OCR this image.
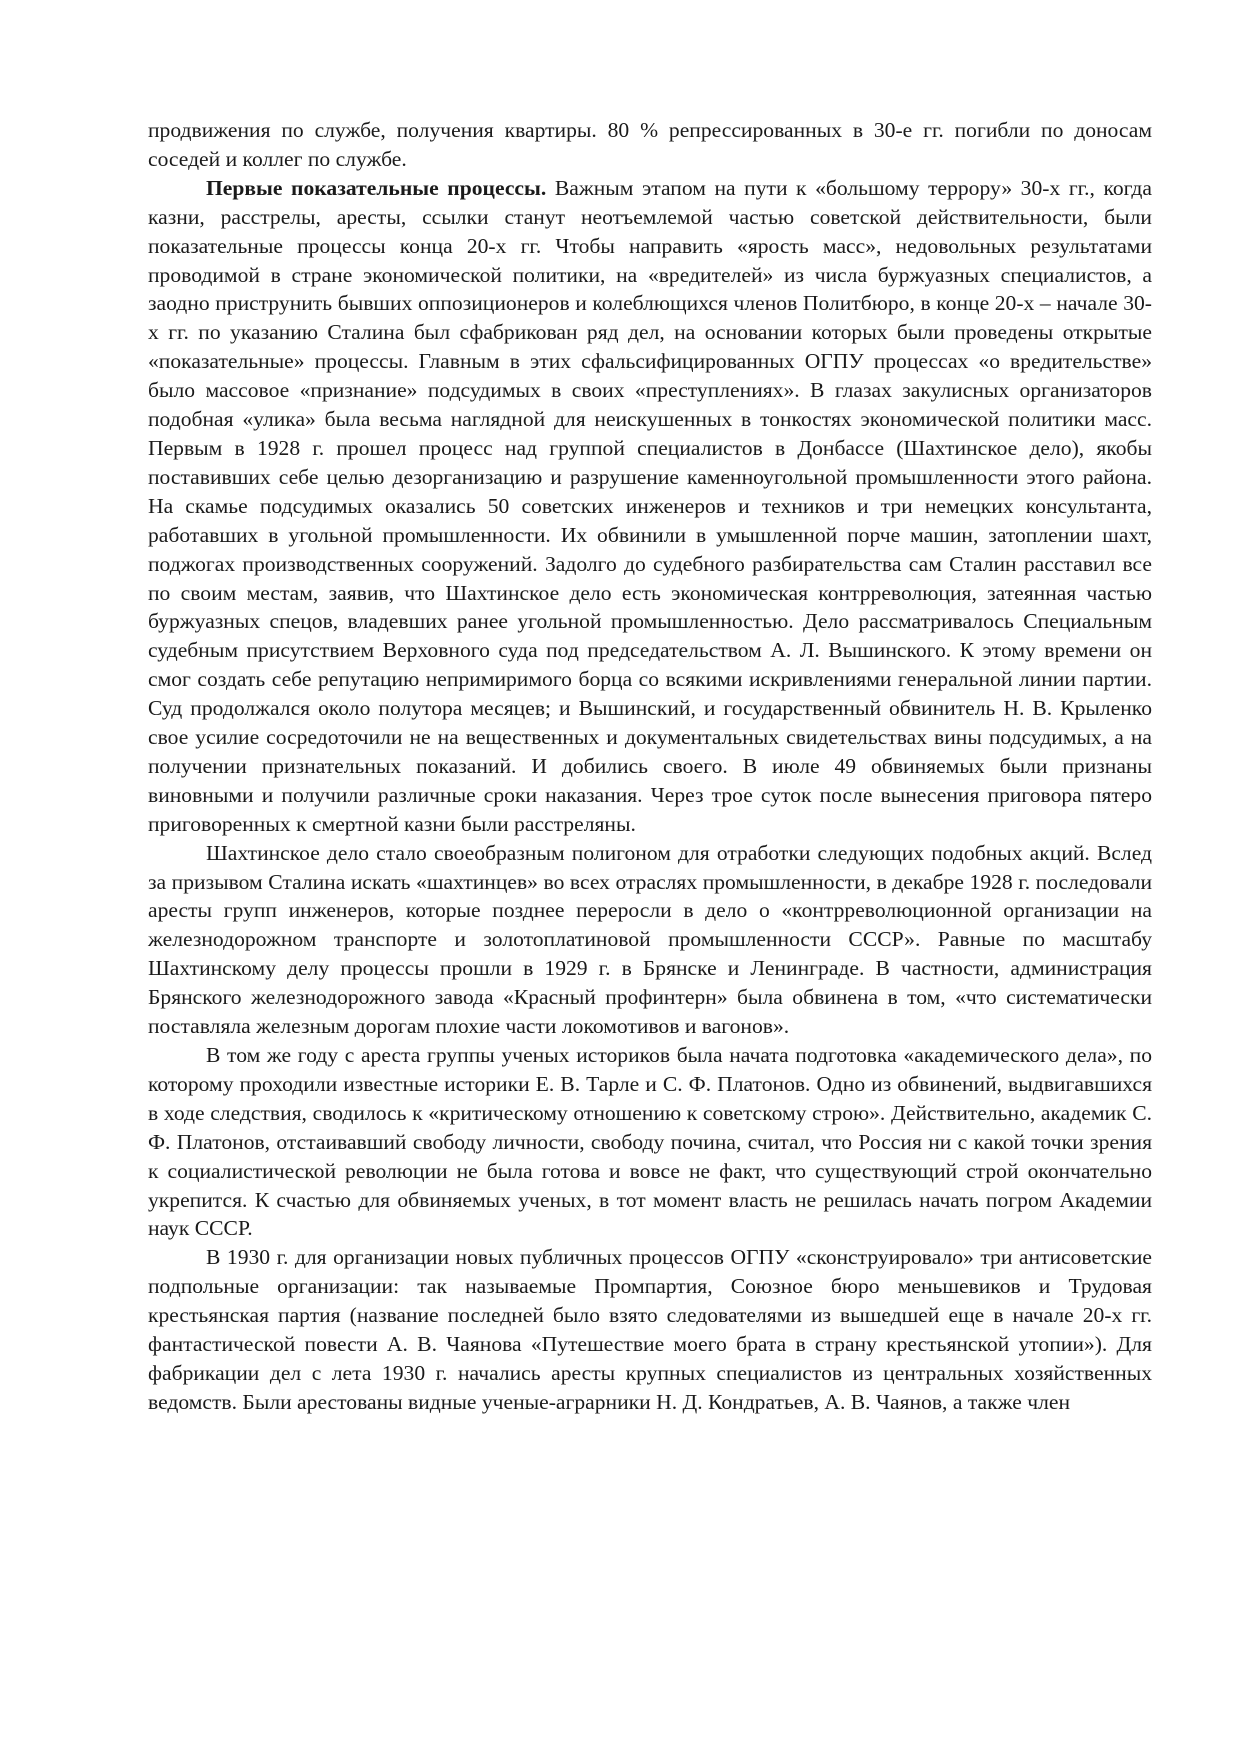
продвижения по службе, получения квартиры. 80 % репрессированных в 30-е гг. погибли по доносам соседей и коллег по службе.

Первые показательные процессы. Важным этапом на пути к «большому террору» 30-х гг., когда казни, расстрелы, аресты, ссылки станут неотъемлемой частью советской действительности, были показательные процессы конца 20-х гг. Чтобы направить «ярость масс», недовольных результатами проводимой в стране экономической политики, на «вредителей» из числа буржуазных специалистов, а заодно приструнить бывших оппозиционеров и колеблющихся членов Политбюро, в конце 20-х – начале 30-х гг. по указанию Сталина был сфабрикован ряд дел, на основании которых были проведены открытые «показательные» процессы. Главным в этих сфальсифицированных ОГПУ процессах «о вредительстве» было массовое «признание» подсудимых в своих «преступлениях». В глазах закулисных организаторов подобная «улика» была весьма наглядной для неискушенных в тонкостях экономической политики масс. Первым в 1928 г. прошел процесс над группой специалистов в Донбассе (Шахтинское дело), якобы поставивших себе целью дезорганизацию и разрушение каменноугольной промышленности этого района. На скамье подсудимых оказались 50 советских инженеров и техников и три немецких консультанта, работавших в угольной промышленности. Их обвинили в умышленной порче машин, затоплении шахт, поджогах производственных сооружений. Задолго до судебного разбирательства сам Сталин расставил все по своим местам, заявив, что Шахтинское дело есть экономическая контрреволюция, затеянная частью буржуазных спецов, владевших ранее угольной промышленностью. Дело рассматривалось Специальным судебным присутствием Верховного суда под председательством А. Л. Вышинского. К этому времени он смог создать себе репутацию непримиримого борца со всякими искривлениями генеральной линии партии. Суд продолжался около полутора месяцев; и Вышинский, и государственный обвинитель Н. В. Крыленко свое усилие сосредоточили не на вещественных и документальных свидетельствах вины подсудимых, а на получении признательных показаний. И добились своего. В июле 49 обвиняемых были признаны виновными и получили различные сроки наказания. Через трое суток после вынесения приговора пятеро приговоренных к смертной казни были расстреляны.

Шахтинское дело стало своеобразным полигоном для отработки следующих подобных акций. Вслед за призывом Сталина искать «шахтинцев» во всех отраслях промышленности, в декабре 1928 г. последовали аресты групп инженеров, которые позднее переросли в дело о «контрреволюционной организации на железнодорожном транспорте и золотоплатиновой промышленности СССР». Равные по масштабу Шахтинскому делу процессы прошли в 1929 г. в Брянске и Ленинграде. В частности, администрация Брянского железнодорожного завода «Красный профинтерн» была обвинена в том, «что систематически поставляла железным дорогам плохие части локомотивов и вагонов».

В том же году с ареста группы ученых историков была начата подготовка «академического дела», по которому проходили известные историки Е. В. Тарле и С. Ф. Платонов. Одно из обвинений, выдвигавшихся в ходе следствия, сводилось к «критическому отношению к советскому строю». Действительно, академик С. Ф. Платонов, отстаивавший свободу личности, свободу почина, считал, что Россия ни с какой точки зрения к социалистической революции не была готова и вовсе не факт, что существующий строй окончательно укрепится. К счастью для обвиняемых ученых, в тот момент власть не решилась начать погром Академии наук СССР.

В 1930 г. для организации новых публичных процессов ОГПУ «сконструировало» три антисоветские подпольные организации: так называемые Промпартия, Союзное бюро меньшевиков и Трудовая крестьянская партия (название последней было взято следователями из вышедшей еще в начале 20-х гг. фантастической повести А. В. Чаянова «Путешествие моего брата в страну крестьянской утопии»). Для фабрикации дел с лета 1930 г. начались аресты крупных специалистов из центральных хозяйственных ведомств. Были арестованы видные ученые-аграрники Н. Д. Кондратьев, А. В. Чаянов, а также член
